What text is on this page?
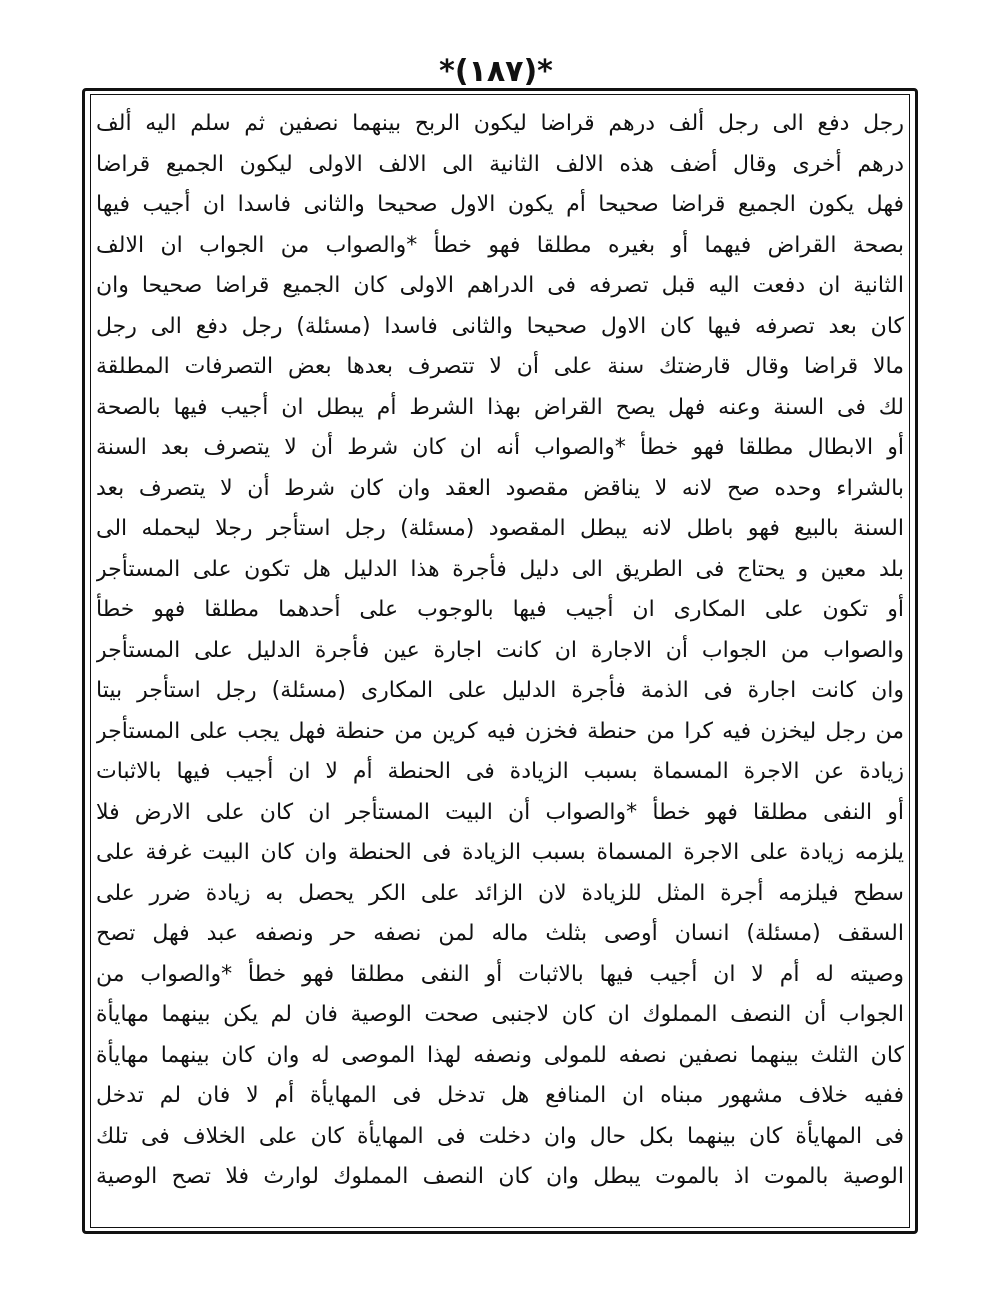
*(١٨٧)*
رجل دفع الى رجل ألف درهم قراضا ليكون الربح بينهما نصفين ثم سلم اليه ألف
درهم أخرى وقال أضف هذه الالف الثانية الى الالف الاولى ليكون الجميع قراضا
فهل يكون الجميع قراضا صحيحا أم يكون الاول صحيحا والثانى فاسدا ان أجيب فيها
بصحة القراض فيهما أو بغيره مطلقا فهو خطأ *والصواب من الجواب ان الالف
الثانية ان دفعت اليه قبل تصرفه فى الدراهم الاولى كان الجميع قراضا صحيحا وان
كان بعد تصرفه فيها كان الاول صحيحا والثانى فاسدا (مسئلة) رجل دفع الى رجل
مالا قراضا وقال قارضتك سنة على أن لا تتصرف بعدها بعض التصرفات المطلقة
لك فى السنة وعنه فهل يصح القراض بهذا الشرط أم يبطل ان أجيب فيها بالصحة
أو الابطال مطلقا فهو خطأ *والصواب أنه ان كان شرط أن لا يتصرف بعد السنة
بالشراء وحده صح لانه لا يناقض مقصود العقد وان كان شرط أن لا يتصرف بعد
السنة بالبيع فهو باطل لانه يبطل المقصود (مسئلة) رجل استأجر رجلا ليحمله الى
بلد معين و يحتاج فى الطريق الى دليل فأجرة هذا الدليل هل تكون على المستأجر
أو تكون على المكارى ان أجيب فيها بالوجوب على أحدهما مطلقا فهو خطأ
والصواب من الجواب أن الاجارة ان كانت اجارة عين فأجرة الدليل على المستأجر
وان كانت اجارة فى الذمة فأجرة الدليل على المكارى (مسئلة) رجل استأجر بيتا
من رجل ليخزن فيه كرا من حنطة فخزن فيه كرين من حنطة فهل يجب على المستأجر
زيادة عن الاجرة المسماة بسبب الزيادة فى الحنطة أم لا ان أجيب فيها بالاثبات
أو النفى مطلقا فهو خطأ *والصواب أن البيت المستأجر ان كان على الارض فلا
يلزمه زيادة على الاجرة المسماة بسبب الزيادة فى الحنطة وان كان البيت غرفة على
سطح فيلزمه أجرة المثل للزيادة لان الزائد على الكر يحصل به زيادة ضرر على
السقف (مسئلة) انسان أوصى بثلث ماله لمن نصفه حر ونصفه عبد فهل تصح
وصيته له أم لا ان أجيب فيها بالاثبات أو النفى مطلقا فهو خطأ *والصواب من
الجواب أن النصف المملوك ان كان لاجنبى صحت الوصية فان لم يكن بينهما مهايأة
كان الثلث بينهما نصفين نصفه للمولى ونصفه لهذا الموصى له وان كان بينهما مهايأة
ففيه خلاف مشهور مبناه ان المنافع هل تدخل فى المهايأة أم لا فان لم تدخل
فى المهايأة كان بينهما بكل حال وان دخلت فى المهايأة كان على الخلاف فى تلك
الوصية بالموت اذ بالموت يبطل وان كان النصف المملوك لوارث فلا تصح الوصية
